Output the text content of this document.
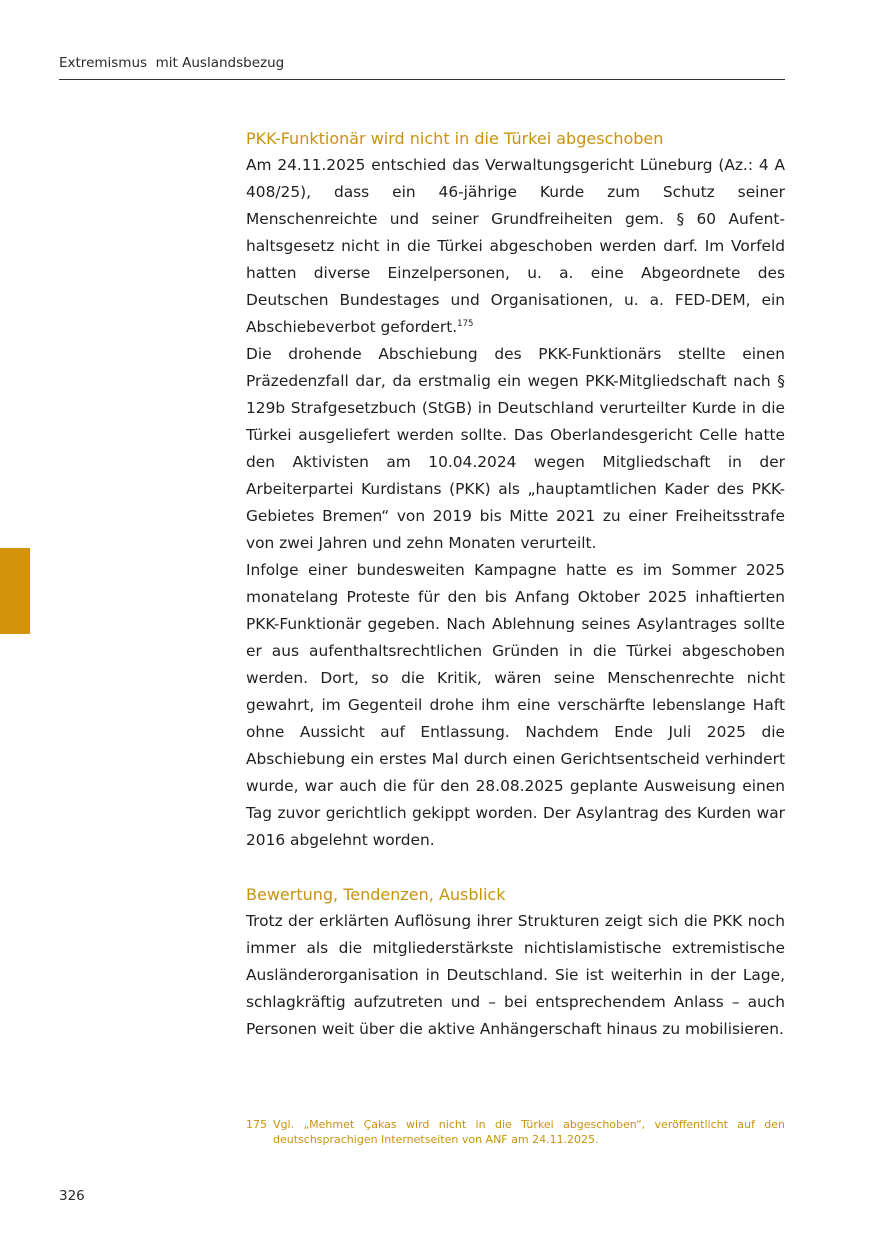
Extremismus  mit Auslandsbezug
PKK-Funktionär wird nicht in die Türkei abgeschoben

Am 24.11.2025 entschied das Verwaltungsgericht Lüneburg (Az.: 4 A 408/25), dass ein 46-jährige Kurde zum Schutz seiner Menschenreichte und seiner Grundfreiheiten gem. § 60 Aufenthaltsgesetz nicht in die Türkei abgeschoben werden darf. Im Vorfeld hatten diverse Einzelpersonen, u. a. eine Abgeordnete des Deutschen Bundestages und Organisationen, u. a. FED-DEM, ein Abschiebeverbot gefordert.$^{175}$

Die drohende Abschiebung des PKK-Funktionärs stellte einen Präzedenzfall dar, da erstmalig ein wegen PKK-Mitgliedschaft nach § 129b Strafgesetzbuch (StGB) in Deutschland verurteilter Kurde in die Türkei ausgeliefert werden sollte. Das Oberlandesgericht Celle hatte den Aktivisten am 10.04.2024 wegen Mitgliedschaft in der Arbeiterpartei Kurdistans (PKK) als „hauptamtlichen Kader des PKK-Gebietes Bremen“ von 2019 bis Mitte 2021 zu einer Freiheitsstrafe von zwei Jahren und zehn Monaten verurteilt.

Infolge einer bundesweiten Kampagne hatte es im Sommer 2025 monatelang Proteste für den bis Anfang Oktober 2025 inhaftierten PKK-Funktionär gegeben. Nach Ablehnung seines Asylantrages sollte er aus aufenthaltsrechtlichen Gründen in die Türkei abgeschoben werden. Dort, so die Kritik, wären seine Menschenrechte nicht gewahrt, im Gegenteil drohe ihm eine verschärfte lebenslange Haft ohne Aussicht auf Entlassung. Nachdem Ende Juli 2025 die Abschiebung ein erstes Mal durch einen Gerichtsentscheid verhindert wurde, war auch die für den 28.08.2025 geplante Ausweisung einen Tag zuvor gerichtlich gekippt worden. Der Asylantrag des Kurden war 2016 abgelehnt worden.

Bewertung, Tendenzen, Ausblick

Trotz der erklärten Auflösung ihrer Strukturen zeigt sich die PKK noch immer als die mitgliederstärkste nichtislamistische extremistische Ausländerorganisation in Deutschland. Sie ist weiterhin in der Lage, schlagkräftig aufzutreten und – bei entsprechendem Anlass – auch Personen weit über die aktive Anhängerschaft hinaus zu mobilisieren.

175 Vgl. „Mehmet Çakas wird nicht in die Türkei abgeschoben“, veröffentlicht auf den deutschsprachigen Internetseiten von ANF am 24.11.2025.
326
